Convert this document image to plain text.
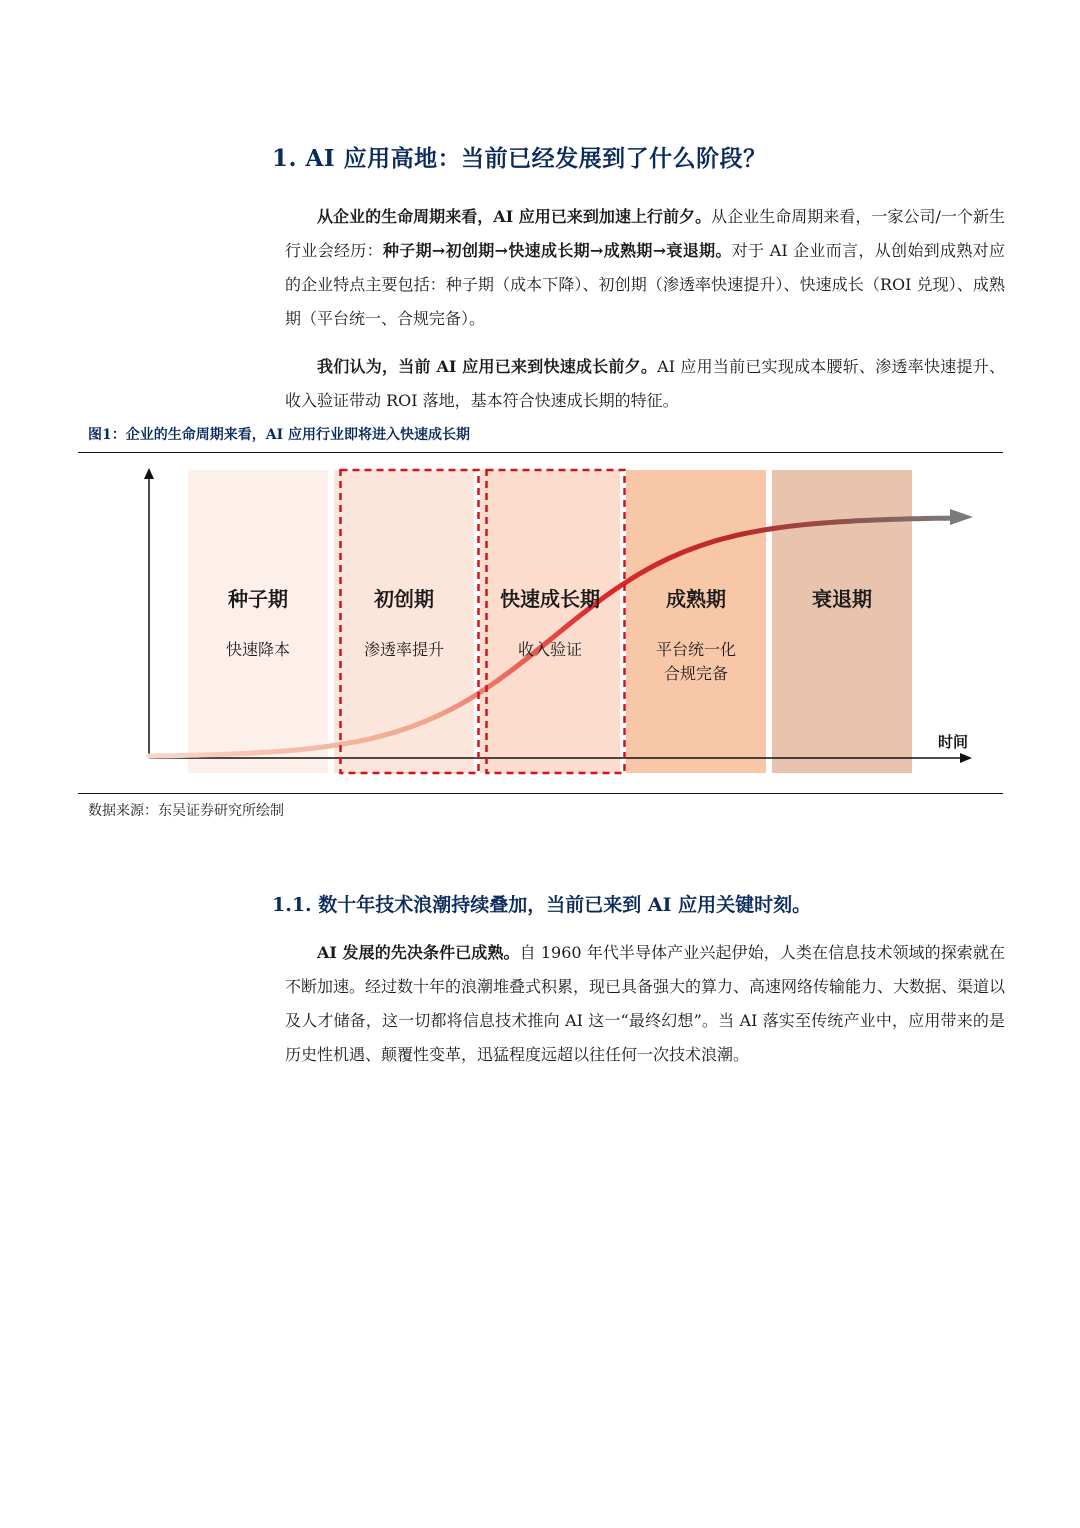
1. AI 应用高地：当前已经发展到了什么阶段？

从企业的生命周期来看，AI 应用已来到加速上行前夕。从企业生命周期来看，一家公司/一个新生行业会经历：种子期→初创期→快速成长期→成熟期→衰退期。对于 AI 企业而言，从创始到成熟对应的企业特点主要包括：种子期（成本下降）、初创期（渗透率快速提升）、快速成长（ROI 兑现）、成熟期（平台统一、合规完备）。

我们认为，当前 AI 应用已来到快速成长前夕。AI 应用当前已实现成本腰斩、渗透率快速提升、收入验证带动 ROI 落地，基本符合快速成长期的特征。

图1：企业的生命周期来看，AI 应用行业即将进入快速成长期
时间
种子期
快速降本
初创期
渗透率提升
快速成长期
收入验证
成熟期
平台统一化
合规完备
衰退期
数据来源：东吴证券研究所绘制
1.1. 数十年技术浪潮持续叠加，当前已来到 AI 应用关键时刻。

AI 发展的先决条件已成熟。自 1960 年代半导体产业兴起伊始，人类在信息技术领域的探索就在不断加速。经过数十年的浪潮堆叠式积累，现已具备强大的算力、高速网络传输能力、大数据、渠道以及人才储备，这一切都将信息技术推向 AI 这一“最终幻想”。当 AI 落实至传统产业中，应用带来的是历史性机遇、颠覆性变革，迅猛程度远超以往任何一次技术浪潮。
